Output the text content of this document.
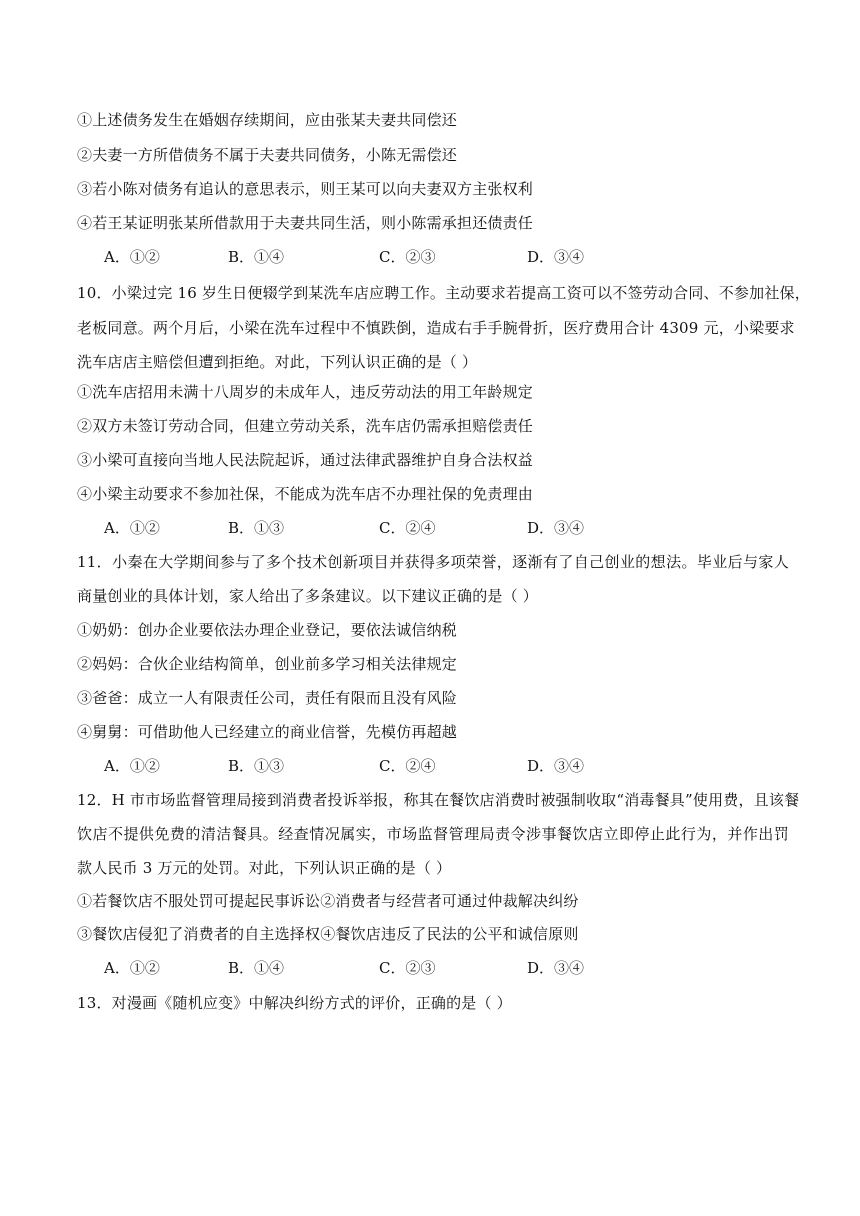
①上述债务发生在婚姻存续期间，应由张某夫妻共同偿还
②夫妻一方所借债务不属于夫妻共同债务，小陈无需偿还
③若小陈对债务有追认的意思表示，则王某可以向夫妻双方主张权利
④若王某证明张某所借款用于夫妻共同生活，则小陈需承担还债责任
A．①②	B．①④	C．②③	D．③④
10．小梁过完 16 岁生日便辍学到某洗车店应聘工作。主动要求若提高工资可以不签劳动合同、不参加社保，
老板同意。两个月后，小梁在洗车过程中不慎跌倒，造成右手手腕骨折，医疗费用合计 4309 元，小梁要求
洗车店店主赔偿但遭到拒绝。对此，下列认识正确的是（ ）
①洗车店招用未满十八周岁的未成年人，违反劳动法的用工年龄规定
②双方未签订劳动合同，但建立劳动关系，洗车店仍需承担赔偿责任
③小梁可直接向当地人民法院起诉，通过法律武器维护自身合法权益
④小梁主动要求不参加社保，不能成为洗车店不办理社保的免责理由
A．①②	B．①③	C．②④	D．③④
11．小秦在大学期间参与了多个技术创新项目并获得多项荣誉，逐渐有了自己创业的想法。毕业后与家人
商量创业的具体计划，家人给出了多条建议。以下建议正确的是（ ）
①奶奶：创办企业要依法办理企业登记，要依法诚信纳税
②妈妈：合伙企业结构简单，创业前多学习相关法律规定
③爸爸：成立一人有限责任公司，责任有限而且没有风险
④舅舅：可借助他人已经建立的商业信誉，先模仿再超越
A．①②	B．①③	C．②④	D．③④
12．H 市市场监督管理局接到消费者投诉举报，称其在餐饮店消费时被强制收取“消毒餐具”使用费，且该餐
饮店不提供免费的清洁餐具。经查情况属实，市场监督管理局责令涉事餐饮店立即停止此行为，并作出罚
款人民币 3 万元的处罚。对此，下列认识正确的是（ ）
①若餐饮店不服处罚可提起民事诉讼②消费者与经营者可通过仲裁解决纠纷
③餐饮店侵犯了消费者的自主选择权④餐饮店违反了民法的公平和诚信原则
A．①②	B．①④	C．②③	D．③④
13．对漫画《随机应变》中解决纠纷方式的评价，正确的是（ ）
